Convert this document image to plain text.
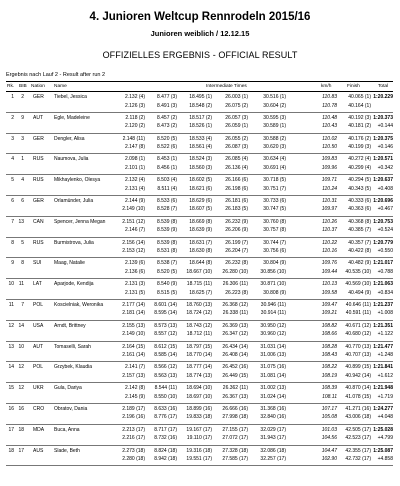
4. Junioren Weltcup Rennrodeln 2015/16
Junioren weiblich / 12.12.15
OFFIZIELLES ERGEBNIS - OFFICIAL RESULT
Ergebnis nach Lauf 2 - Result after run 2
Rk. BIB Nation Name	Intermediate Times	km/h	Finish	Total
1	2 GER Tiebel, Jessica	2.132 (4)	8.477 (3)	18.495 (1)	26.003 (1)	30.516 (1)	110.83	40.065 (1) 1:20.229
2.126 (3)	8.491 (3)	18.548 (2)	26.075 (2)	30.604 (2)	110.78	40.164 (1)
2	9 AUT Egle, Madeleine	2.118 (2)	8.457 (2)	18.517 (2)	26.057 (3)	30.595 (3)	110.48	40.192 (3) 1:20.373
2.120 (2)	8.473 (2)	18.526 (1)	26.059 (1)	30.589 (1)	110.43	40.181 (2)	+0.144
3	3 GER Dengler, Alisa	2.148 (11)	8.520 (5)	18.533 (4)	26.055 (2)	30.588 (2)	110.02	40.176 (2) 1:20.375
2.147 (8)	8.522 (6)	18.561 (4)	26.087 (3)	30.620 (3)	110.50	40.199 (3)	+0.146
4	1 RUS Naumova, Julia	2.098 (1)	8.453 (1)	18.524 (3)	26.085 (4)	30.634 (4)	109.83	40.272 (4) 1:20.571
2.101 (1)	8.456 (1)	18.560 (3)	26.136 (4)	30.691 (4)	109.96	40.299 (4)	+0.342
5	4 RUS Mikhaylenko, Olesya	2.132 (4)	8.503 (4)	18.602 (5)	26.166 (6)	30.718 (5)	109.71	40.294 (5) 1:20.637
2.131 (4)	8.511 (4)	18.621 (6)	26.198 (6)	30.751 (7)	110.24	40.343 (5)	+0.408
6	6 GER Orlamünder, Julia	2.144 (9)	8.533 (6)	18.629 (6)	26.181 (6)	30.733 (6)	110.31	40.333 (6) 1:20.696
2.149 (10)	8.528 (7)	18.607 (5)	26.183 (5)	30.747 (5)	109.97	40.363 (6)	+0.467
7 13 CAN Spencer, Jenna Megan	2.151 (12)	8.539 (8)	18.669 (8)	26.232 (9)	30.760 (8)	110.26	40.368 (8) 1:20.753
2.146 (7)	8.539 (9)	18.639 (9)	26.206 (9)	30.757 (8)	110.37	40.385 (7)	+0.524
8	5 RUS Burmistrova, Julia	2.156 (14)	8.539 (8)	18.631 (7)	26.199 (7)	30.744 (7)	110.22	40.357 (7) 1:20.779
2.153 (12)	8.531 (8)	18.630 (8)	26.204 (7)	30.756 (6)	110.16	40.422 (8)	+0.550
9	8 SUI	Maag, Natalie	2.139 (6)	8.538 (7)	18.644 (8)	26.232 (8)	30.804 (9)	109.76	40.482 (9) 1:21.017
2.136 (6)	8.520 (5)	18.667 (10)	26.280 (10)	30.856 (10)	109.44	40.535 (10)	+0.788
10 11 LAT Aparjode, Kendija	2.131 (3)	8.540 (9)	18.715 (11)	26.306 (11)	30.871 (10)	110.13	40.569 (10) 1:21.063
2.131 (5)	8.515 (5)	18.625 (7)	26.223 (8)	30.808 (9)	109.58	40.494 (9)	+0.834
11	7 POL Koscielniak, Weronika	2.177 (14)	8.601 (14)	18.760 (13)	26.368 (12)	30.946 (11)	109.47	40.646 (11) 1:21.237
2.181 (14)	8.595 (14)	18.724 (12)	26.338 (11)	30.914 (11)	109.21	40.591 (11)	+1.008
12 14 USA Arndt, Brittney	2.155 (13)	8.573 (13)	18.743 (12)	26.369 (13)	30.950 (12)	108.82	40.671 (12) 1:21.351
2.149 (10)	8.557 (12)	18.712 (11)	26.347 (12)	30.960 (12)	108.66	40.680 (12)	+1.122
13 10 AUT Tomaselli, Sarah	2.164 (15)	8.612 (15)	18.797 (15)	26.434 (14)	31.031 (14)	108.28	40.770 (13) 1:21.477
2.161 (14)	8.585 (14)	18.770 (14)	26.408 (14)	31.006 (13)	108.43	40.707 (13)	+1.248
14 12 POL Grzybek, Klaudia	2.141 (7)	8.566 (12)	18.777 (14)	26.452 (16)	31.075 (16)	108.22	40.899 (15) 1:21.841
2.157 (13)	8.563 (13)	18.774 (13)	26.449 (15)	31.081 (14)	108.19	40.942 (14)	+1.612
15 12 UKR Gula, Dariya	2.142 (8)	8.544 (11)	18.694 (10)	26.362 (11)	31.002 (13)	108.39	40.870 (14) 1:21.948
2.145 (9)	8.550 (10)	18.697 (10)	26.367 (13)	31.024 (14)	108.11	41.078 (15)	+1.719
16 16 CRO Obratov, Dania	2.189 (17)	8.633 (16)	18.899 (16)	26.666 (16)	31.368 (16)	107.17	41.271 (16) 1:24.277
2.196 (16)	8.776 (17)	19.833 (18)	27.998 (18)	32.840 (16)	105.08	43.006 (18)	+4.048
17 18 MDA Buca, Anna	2.213 (17)	8.717 (17)	19.167 (17)	27.155 (17)	32.029 (17)	101.03	42.505 (17) 1:25.028
2.216 (17)	8.732 (16)	19.110 (17)	27.072 (17)	31.943 (17)	104.56	42.523 (17)	+4.799
18 17 AUS Slade, Beth	2.273 (18)	8.824 (18)	19.316 (18)	27.328 (18)	32.086 (18)	104.47	42.355 (17) 1:25.087
2.280 (18)	8.942 (18)	19.551 (17)	27.585 (17)	32.257 (17)	102.90	42.732 (17)	+4.858
